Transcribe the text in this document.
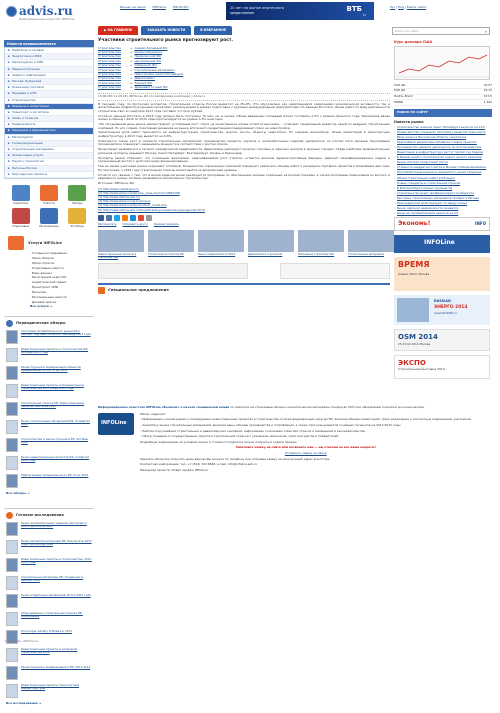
advis.ru
Информационное агентство INFOLine
Бизнес на связи INFOLine ЕЖ-RU.RU	10 лет на рынке ипотечного
кредитования	ВТБ
24
Рус | Eng | Карта сайта
▶ НА ГЛАВНУЮ	ЗАКАЗАТЬ НОВОСТИ	В ИЗБРАННОЕ	Поиск по сайту	⌕
Новости промышленности
▪ Нефтяная и газовая
▪ Энергетика и ЖКХ
▪ Металлургия и ГМК
▪ Машиностроение
▪ Химия и нефтехимия
▪ Лесная, бумажная
▪ Розничная торговля
▪ Пищевая и АПК
▪ Строительство
▪ Финансы и инвестиции
▪ Транспорт и логистика
▪ Связь и телеком
▪ Недвижимость
▪ Медицина и фармацевтика
▪ Металлургия
▪ Телекоммуникации
▪ Строительные материалы
▪ Финансовые услуги
▪ Наука и технологии
▪ Регионы России
▪ Партнерские проекты
Аналитика	Новости	Обзоры
Отраслевые	Региональные	Фотобанк
Услуги INFOLine
· Готовые исследования
· Заказ обзоров
· Обзор отрасли
· Отраслевые новости
· Базы данных
· Регистрация новостей
· Аналитический сервис
· Мониторинг СМИ
· Рассылки
· Региональные новости
· Деловая пресса
Все услуги →
Периодические обзоры
Состояние потребительского рынка РФ и Рейтинг торговых сетей РФ. Сентябрь 2013 года
Инвестиционные проекты в строительстве РФ. Октябрь 2013 года
Реконструкция и модернизация объектов промышленности РФ. III кв. 2013
Инвестиционные проекты в промышленном строительстве РФ. Ноябрь 2013 года
Строительная отрасль РФ. Инвестиционные проекты. Сентябрь 2013
Рынок строительных материалов РФ. IV квартал 2013
Строительство и реконструкция в РФ. Октябрь 2013
Рынок инвестиционных проектов РФ. II квартал 2013 года
Нефтегазовая промышленность РФ. III кв. 2013
Все обзоры →
Готовые исследования
Рынок железобетонных изделий. Key trends in 2013. Прогноз до 2017
Рынок металлоконструкций РФ. Результаты 2013 года. Прогноз до 2016
Инвестиционные проекты в строительстве. 2013-2014 годы
Строительные материалы РФ. Тенденции и прогноз 2014
Рынок отделочных материалов. Итоги 2013 года
Оборудование и строительная техника РФ. Обзор рынка
Oil and gas industry of Russia in 2013
Инвестиционные проекты в жилищном строительстве 2014
Реконструкция и модернизация в РФ. 2013-2014
Инвестиционные проекты транспортной инфраструктуры
Все исследования →
Участники строительного рынка прогнозируют рост.
Строительство	→ Северо-Западный ФО
Строительство	→ Уральский регион
Строительство	→ Приволжский ФО
Строительство	→ Центральный ФО
Строительство	→ Сибирский ФО
Строительство	→ Строительные материалы
Строительство	→ Новостройки Санкт-Петербурга
Строительство	→ Девелопмент
Строительство	→ Южный ФО
Строительство	→ Дальневосточный ФО
15.06.2013 в 08:48 | INFOLine, ИА (по материалам компании) | Advis.ru

В текущем году, по прогнозам экспертов, строительная отрасль России вырастет на 4%-8%. Это обусловлено как наметившимся оживлением экономической активности, так и масштабными инфраструктурными проектами, реализуемыми в рамках подготовки к крупным международным мероприятиям. По данным Росстата, объем работ по виду деятельности «Строительство» в I квартале 2013 года составил 1,3 трлн рублей.

Согласно данным Росстата, в 2013 году должно быть построено 70 млн. кв. м жилья. Объем введенных площадей может составить 2,2% к уровню прошлого года. Увеличение ввода жилья в период с 2012 по 2015 годы прогнозируется на уровне 3-5% ежегодно.

«На сегодняшний день рынок демонстрирует устойчивый рост, спрос на качественное жилье остается высоким», – отмечает генеральный директор одной из ведущих строительных компаний. По его словам, позитивная динамика на рынке ипотечного кредитования поддерживает спрос на новостройки.

Значительная доля работ приходится на инфраструктурное строительство: дороги, мосты, объекты энергетики. По оценкам аналитиков, объем инвестиций в транспортную инфраструктуру в 2013 году вырастет на 6-8%.

Отмечается также рост в сегменте строительных материалов: производство цемента, кирпича и железобетонных изделий увеличилось по итогам пяти месяцев. Крупнейшие производители планируют наращивать мощности в соответствии с ростом спроса.

Продолжает развиваться и сегмент коммерческой недвижимости. Девелоперы реализуют проекты торговых и офисных центров в крупных городах. Среди наиболее привлекательных регионов эксперты называют Москву, Санкт-Петербург, Екатеринбург, Казань и Краснодар.

Эксперты рынка отмечают, что основными факторами, сдерживающими рост отрасли, остаются высокие административные барьеры, дефицит квалифицированных кадров и ограниченный доступ к долгосрочному финансированию.

Тем не менее участники рынка сохраняют оптимизм. Большинство опрошенных компаний планируют увеличить объемы работ и расширить портфель проектов в ближайшие два года. По прогнозам, к 2015 году строительная отрасль может выйти на докризисный уровень.

Отчасти это связано с тем, что в целом ряде регионов реализуются программы по обеспечению жильем отдельных категорий граждан, а также программы переселения из ветхого и аварийного жилья. Активно развивается малоэтажное строительство.

Источник: INFOLine, ИА

[1] http://www.rosstat.gov.ru/
[2] http://www.advis.ru/php/view_news.php?id=13B8C06B
[3] http://www.infoline.spb.ru/
[4] http://www.advis.ru/cgi-bin/new.pl
[5] http://www.advis.ru/php/construct_invest.php
[6] http://www.infoline.spb.ru/shop/otraslevye-issledovaniya/page.php?ID=6
Распечатать Отправить другу Комментировать
Инвестиционные проекты в строительстве
Строительная отрасль РФ	Рынок недвижимости 2013	Девелопмент в регионах	Жилищное строительство	Строительные материалы
Специальное предложение
Информационное агентство INFOLine объявляет о начале специальной акции по подписке на отраслевые обзоры и аналитические материалы. Скидка до 20% при оформлении подписки до конца месяца.
INFOLine

Обзор содержит:

– Информацию о реализуемых и планируемых инвестиционных проектах в строительстве по всем федеральным округам РФ, включая объемы инвестиций, сроки реализации и контактную информацию участников.

– Аналитику рынка строительных материалов, включая цены, объемы производства и потребления, а также прогнозы развития основных сегментов на 2013-2015 годы.

– Рейтинги крупнейших строительных и девелоперских компаний, информацию о ключевых событиях отрасли и изменениях в законодательстве.

– Обзор тендеров и государственных закупок в строительной отрасли с указанием заказчиков, сумм контрактов и победителей.

Подробную информацию об условиях акции и стоимости подписки можно получить в отделе продаж.

Заполните заявку на сайте или позвоните нам — мы ответим на все ваши вопросы!

Отправить заявку на обзор

Заказать обзор или получить демо-версию Вы можете по телефону или отправив заявку на электронный адрес агентства.

Контактная информация: тел. +7 (812) 322-6848, e-mail: info@infoline.spb.ru

Менеджер проекта: Отдел продаж INFOLine

Курс доллара США
USD ЦБ	32,87
EUR ЦБ	44,15
Нефть Brent	107,5
ММВБ	1 462
ПОИСК ПО САЙТУ
Новости рынка
› Строительство жилья в Санкт-Петербурге выросло на 12%
› Правительство утвердило программу развития транспорта
› Ввод жилья в Московской области сократился
› Крупнейшие девелоперы объявили о новых проектах
› Производство цемента увеличилось по итогам квартала
› Инвестиции в инфраструктуру растут третий год подряд
› В Казани начато строительство нового жилого квартала
› Рынок ипотеки продолжает расти
› Стоимость квадратного метра в Москве стабилизировалась
› Программа переселения из аварийного жилья продлена
› Объем строительных работ в РФ вырос
› Новые стандарты в строительной отрасли
› В Екатеринбурге открыт крупный ТЦ
› Строительство дорог профинансируют из бюджета
› Выставка строительных материалов пройдет в Москве
› Краснодарский край лидирует по вводу жилья
› Рынок офисной недвижимости оживился
› Цены на стройматериалы выросли на 3%
Экономь!	INFO
INFOLine
ВРЕМЯ
Апрель 2014, Москва
RUSSIAN
ЭНЕРГО 2014
www.RUSWE.ru
OSM 2014
25-27.02.2014 Москва
ЭКСПО
Строительная выставка 2014
© 2013 ИА «INFOLine»
